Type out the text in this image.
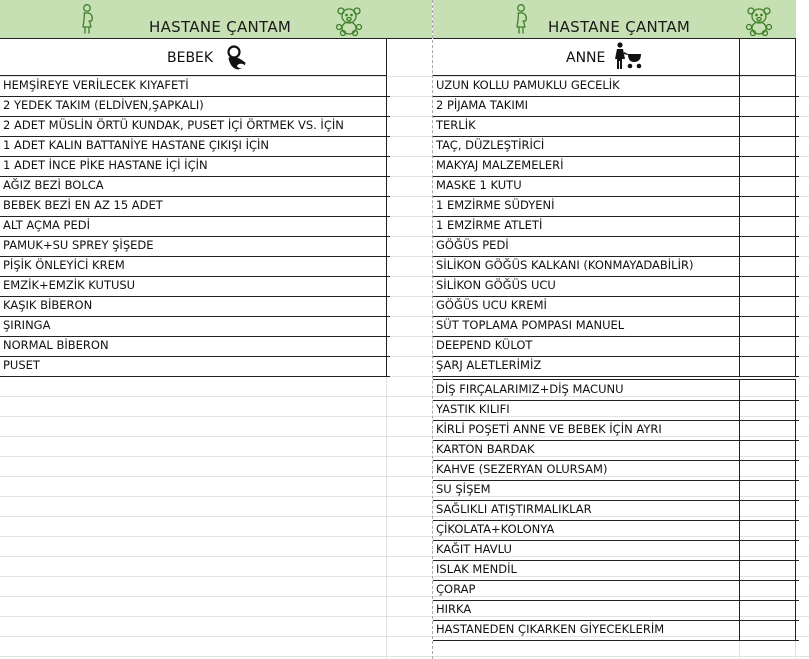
HASTANE ÇANTAM
BEBEK
HEMŞİREYE VERİLECEK KIYAFETİ
2 YEDEK TAKIM (ELDİVEN,ŞAPKALI)
2 ADET MÜSLİN ÖRTÜ KUNDAK, PUSET İÇİ ÖRTMEK VS. İÇİN
1 ADET KALIN BATTANİYE HASTANE ÇIKIŞI İÇİN
1 ADET İNCE PİKE HASTANE İÇİ İÇİN
AĞIZ BEZİ BOLCA
BEBEK BEZİ EN AZ 15 ADET
ALT AÇMA PEDİ
PAMUK+SU SPREY ŞİŞEDE
PİŞİK ÖNLEYİCİ KREM
EMZİK+EMZİK KUTUSU
KAŞIK BİBERON
ŞIRINGA
NORMAL BİBERON
PUSET
HASTANE ÇANTAM
ANNE
UZUN KOLLU PAMUKLU GECELİK
2 PİJAMA TAKIMI
TERLİK
TAÇ, DÜZLEŞTİRİCİ
MAKYAJ MALZEMELERİ
MASKE 1 KUTU
1 EMZİRME SÜDYENİ
1 EMZİRME ATLETİ
GÖĞÜS PEDİ
SİLİKON GÖĞÜS KALKANI (KONMAYADABİLİR)
SİLİKON GÖĞÜS UCU
GÖĞÜS UCU KREMİ
SÜT TOPLAMA POMPASI MANUEL
DEEPEND KÜLOT
ŞARJ ALETLERİMİZ
DİŞ FIRÇALARIMIZ+DİŞ MACUNU
YASTIK KILIFI
KİRLİ POŞETİ ANNE VE BEBEK İÇİN AYRI
KARTON BARDAK
KAHVE (SEZERYAN OLURSAM)
SU ŞİŞEM
SAĞLIKLI ATIŞTIRMALIKLAR
ÇİKOLATA+KOLONYA
KAĞIT HAVLU
ISLAK MENDİL
ÇORAP
HIRKA
HASTANEDEN ÇIKARKEN GİYECEKLERİM
